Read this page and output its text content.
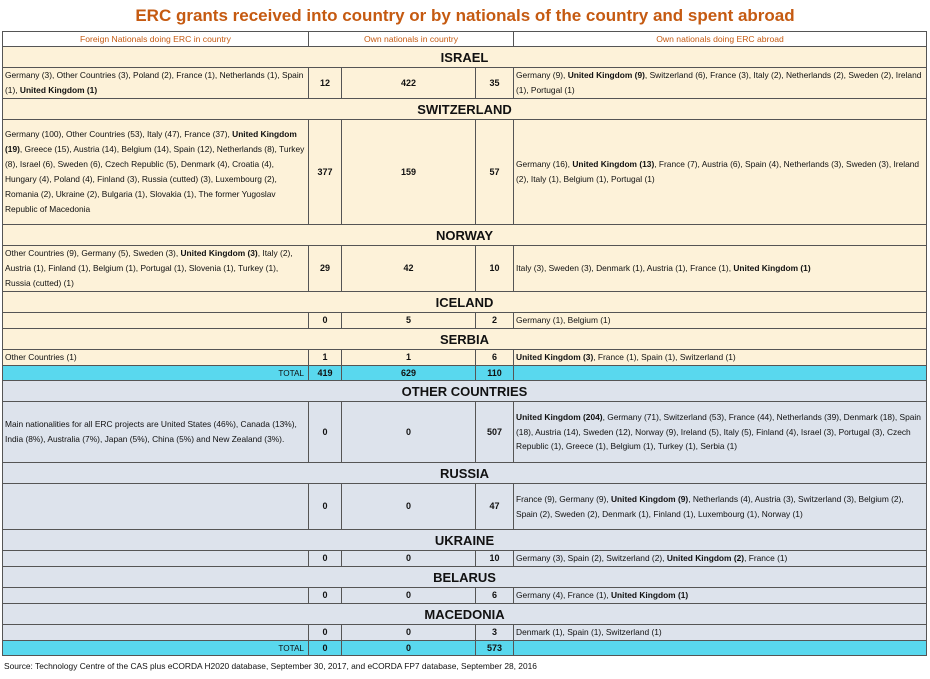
ERC grants received into country or by nationals of the country and spent abroad
Foreign Nationals doing ERC in country	Own nationals in country			Own nationals doing ERC abroad
ISRAEL				
Germany (3), Other Countries (3), Poland (2), France (1), Netherlands (1), Spain (1), United Kingdom (1)	12	422	35	Germany (9), United Kingdom (9), Switzerland (6), France (3), Italy (2), Netherlands (2), Sweden (2), Ireland (1), Portugal (1)
SWITZERLAND				
Germany (100), Other Countries (53), Italy (47), France (37), United Kingdom (19), Greece (15), Austria (14), Belgium (14), Spain (12), Netherlands (8), Turkey (8), Israel (6), Sweden (6), Czech Republic (5), Denmark (4), Croatia (4), Hungary (4), Poland (4), Finland (3), Russia (cutted) (3), Luxembourg (2), Romania (2), Ukraine (2), Bulgaria (1), Slovakia (1), The former Yugoslav Republic of Macedonia	377	159	57	Germany (16), United Kingdom (13), France (7), Austria (6), Spain (4), Netherlands (3), Sweden (3), Ireland (2), Italy (1), Belgium (1), Portugal (1)
NORWAY				
Other Countries (9), Germany (5), Sweden (3), United Kingdom (3), Italy (2), Austria (1), Finland (1), Belgium (1), Portugal (1), Slovenia (1), Turkey (1), Russia (cutted) (1)	29	42	10	Italy (3), Sweden (3), Denmark (1), Austria (1), France (1), United Kingdom (1)
ICELAND				
	0	5	2	Germany (1), Belgium (1)
SERBIA				
Other Countries (1)	1	1	6	United Kingdom (3), France (1), Spain (1), Switzerland (1)
TOTAL	419	629	110	
OTHER COUNTRIES				
Main nationalities for all ERC projects are United States (46%), Canada (13%), India (8%), Australia (7%), Japan (5%), China (5%) and New Zealand (3%).	0	0	507	United Kingdom (204), Germany (71), Switzerland (53), France (44), Netherlands (39), Denmark (18), Spain (18), Austria (14), Sweden (12), Norway (9), Ireland (5), Italy (5), Finland (4), Israel (3), Portugal (3), Czech Republic (1), Greece (1), Belgium (1), Turkey (1), Serbia (1)
RUSSIA				
	0	0	47	France (9), Germany (9), United Kingdom (9), Netherlands (4), Austria (3), Switzerland (3), Belgium (2), Spain (2), Sweden (2), Denmark (1), Finland (1), Luxembourg (1), Norway (1)
UKRAINE				
	0	0	10	Germany (3), Spain (2), Switzerland (2), United Kingdom (2), France (1)
BELARUS				
	0	0	6	Germany (4), France (1), United Kingdom (1)
MACEDONIA				
	0	0	3	Denmark (1), Spain (1), Switzerland (1)
TOTAL	0	0	573	
Source: Technology Centre of the CAS plus eCORDA H2020 database, September 30, 2017, and eCORDA FP7 database, September 28, 2016
